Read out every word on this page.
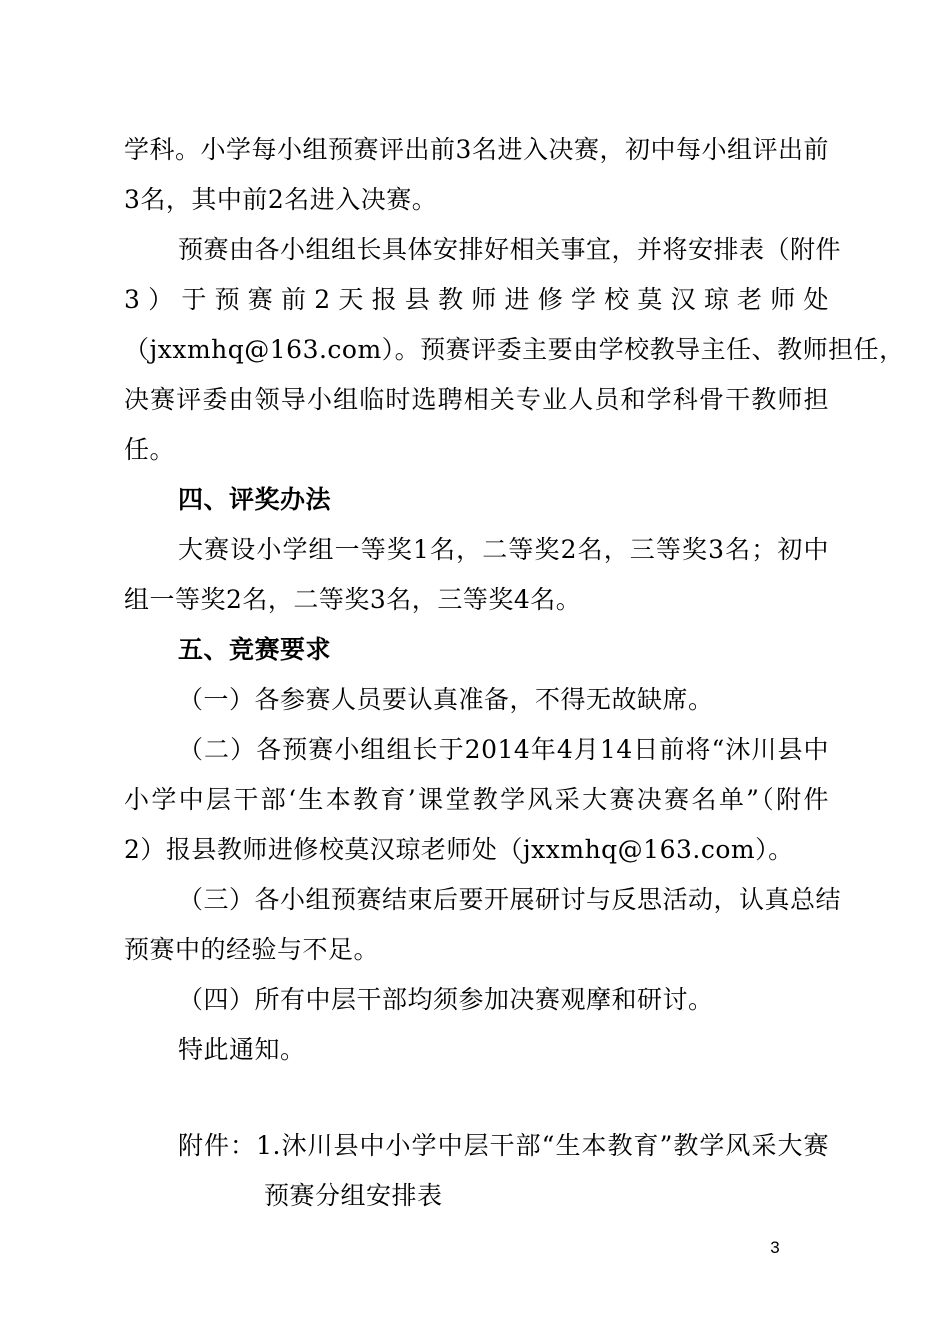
学科。小学每小组预赛评出前3名进入决赛，初中每小组评出前
3名，其中前2名进入决赛。
预赛由各小组组长具体安排好相关事宜，并将安排表（附件
3）于预赛前2天报县教师进修学校莫汉琼老师处
（jxxmhq@163.com）。预赛评委主要由学校教导主任、教师担任，
决赛评委由领导小组临时选聘相关专业人员和学科骨干教师担
任。
四、评奖办法
大赛设小学组一等奖1名，二等奖2名，三等奖3名；初中
组一等奖2名，二等奖3名，三等奖4名。
五、竞赛要求
（一）各参赛人员要认真准备，不得无故缺席。
（二）各预赛小组组长于2014年4月14日前将“沐川县中
小学中层干部‘生本教育’课堂教学风采大赛决赛名单”（附件
2）报县教师进修校莫汉琼老师处（jxxmhq@163.com）。
（三）各小组预赛结束后要开展研讨与反思活动，认真总结
预赛中的经验与不足。
（四）所有中层干部均须参加决赛观摩和研讨。
特此通知。
附件：1.沐川县中小学中层干部“生本教育”教学风采大赛
预赛分组安排表
3
